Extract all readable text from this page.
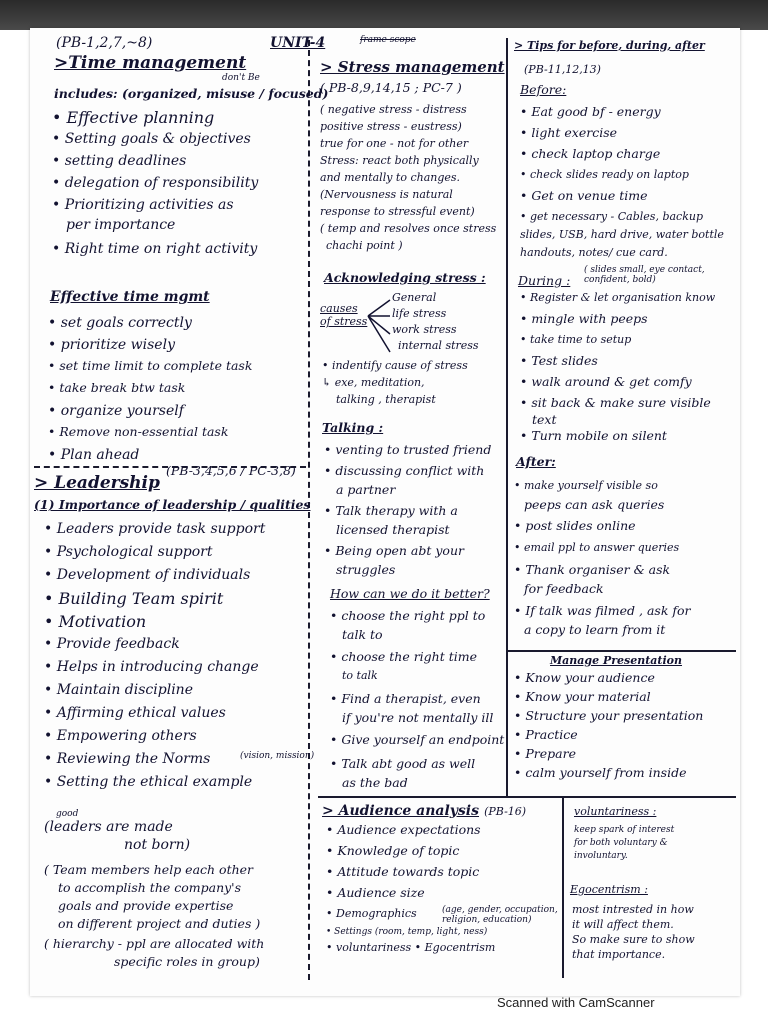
(PB-1,2,7,~8)
>Time management
don't Be
includes: (organized, misuse / focused)
• Effective planning
• Setting goals & objectives
• setting deadlines
• delegation of responsibility
• Prioritizing activities as
per importance
• Right time on right activity
Effective time mgmt
• set goals correctly
• prioritize wisely
• set time limit to complete task
• take break btw task
• organize yourself
• Remove non-essential task
• Plan ahead
> Leadership
(PB-3,4,5,6 / PC-3,8)
(1) Importance of leadership / qualities
• Leaders provide task support
• Psychological support
• Development of individuals
• Building Team spirit
• Motivation
• Provide feedback
• Helps in introducing change
• Maintain discipline
• Affirming ethical values
• Empowering others
• Reviewing the Norms
• Setting the ethical example
(vision, mission)
good
(leaders are made
not born)
( Team members help each other
to accomplish the company's
goals and provide expertise
on different project and duties )
( hierarchy - ppl are allocated with
specific roles in group)
UNIT-4	frame scope
> Stress management
( PB-8,9,14,15 ; PC-7 )
( negative stress - distress
positive stress - eustress)
true for one - not for other
Stress: react both physically
and mentally to changes.
(Nervousness is natural
response to stressful event)
( temp and resolves once stress
chachi point )
Acknowledging stress :
causes of stress
General
life stress
work stress
internal stress
• indentify cause of stress
↳ exe, meditation,
talking , therapist
Talking :
• venting to trusted friend
• discussing conflict with
a partner
• Talk therapy with a
licensed therapist
• Being open abt your
struggles
How can we do it better?
• choose the right ppl to
talk to
• choose the right time
to talk
• Find a therapist, even
if you're not mentally ill
• Give yourself an endpoint
• Talk abt good as well
as the bad
> Audience analysis (PB-16)
• Audience expectations
• Knowledge of topic
• Attitude towards topic
• Audience size
• Demographics
• Settings (room, temp, light, ness)
• voluntariness • Egocentrism
(age, gender, occupation, religion, education)
> Tips for before, during, after
(PB-11,12,13)
Before:
• Eat good bf - energy
• light exercise
• check laptop charge
• check slides ready on laptop
• Get on venue time
• get necessary - Cables, backup
slides, USB, hard drive, water bottle
handouts, notes/ cue card.
During :
( slides small, eye contact, confident, bold)
• Register & let organisation know
• mingle with peeps
• take time to setup
• Test slides
• walk around & get comfy
• sit back & make sure visible
text
• Turn mobile on silent
After:
• make yourself visible so
peeps can ask queries
• post slides online
• email ppl to answer queries
• Thank organiser & ask
for feedback
• If talk was filmed , ask for
a copy to learn from it
Manage Presentation
• Know your audience
• Know your material
• Structure your presentation
• Practice
• Prepare
• calm yourself from inside
voluntariness :
keep spark of interest
for both voluntary &
involuntary.
Egocentrism :
most intrested in how
it will affect them.
So make sure to show
that importance.
Scanned with CamScanner
